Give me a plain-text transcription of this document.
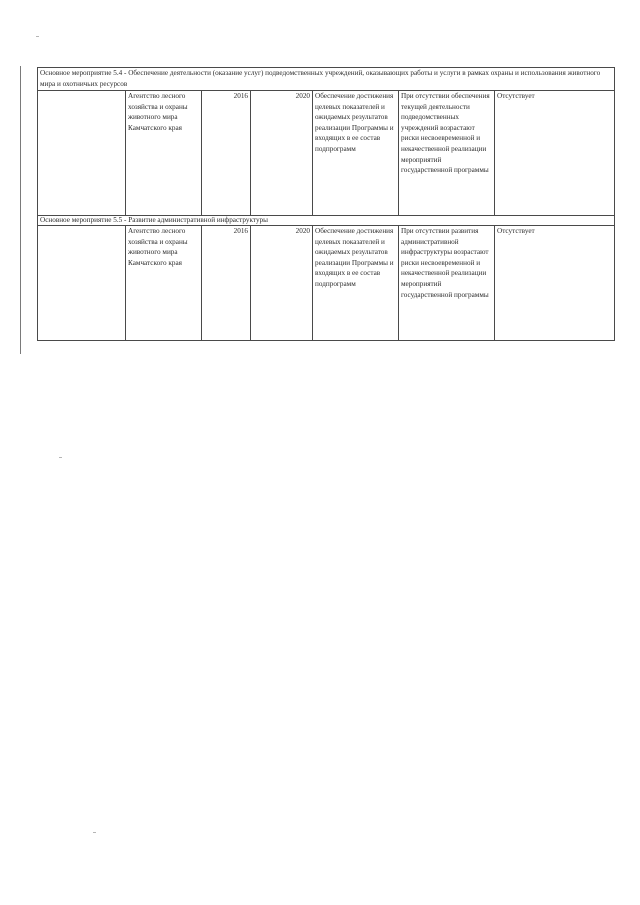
Основное мероприятие 5.4 - Обеспечение деятельности (оказание услуг) подведомственных учреждений, оказывающих работы и услуги в рамках охраны и использования животного мира и охотничьих ресурсов						
	Агентство лесного хозяйства и охраны животного мира Камчатского края	2016	2020	Обеспечение достижения целевых показателей и ожидаемых результатов реализации Программы и входящих в ее состав подпрограмм	При отсутствии обеспечения текущей деятельности подведомственных учреждений возрастают риски несвоевременной и некачественной реализации мероприятий государственной программы	Отсутствует
Основное мероприятие 5.5 - Развитие административной инфраструктуры						
	Агентство лесного хозяйства и охраны животного мира Камчатского края	2016	2020	Обеспечение достижения целевых показателей и ожидаемых результатов реализации Программы и входящих в ее состав подпрограмм	При отсутствии развития административной инфраструктуры возрастают риски несвоевременной и некачественной реализации мероприятий государственной программы	Отсутствует
